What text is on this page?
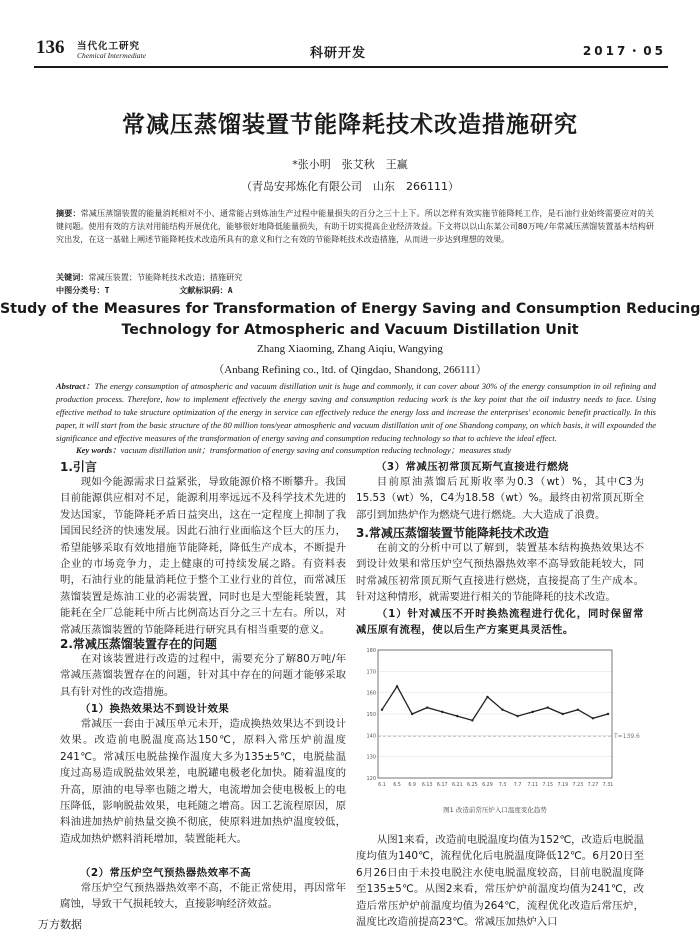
136 当代化工研究
Chemical Intermediate	科研开发	2017・05
常减压蒸馏装置节能降耗技术改造措施研究
*张小明　张艾秋　王赢
（青岛安邦炼化有限公司　山东　266111）
摘要：常减压蒸馏装置的能量消耗相对不小、通常能占到炼油生产过程中能量损失的百分之三十上下。所以怎样有效实施节能降耗工作，是石油行业始终需要应对的关键问题。使用有效的方法对用能结构开展优化，能够很好地降低能量损失，有助于切实提高企业经济效益。下文将以以山东某公司80万吨/年常减压蒸馏装置基本结构研究出发，在这一基础上阐述节能降耗技术改造所具有的意义和行之有效的节能降耗技术改造措施，从而进一步达到理想的效果。
关键词：常减压装置；节能降耗技术改造；措施研究
中图分类号：T	文献标识码：A
Study of the Measures for Transformation of Energy Saving and Consumption Reducing
Technology for Atmospheric and Vacuum Distillation Unit
Zhang Xiaoming, Zhang Aiqiu, Wangying
（Anbang Refining co., ltd. of Qingdao, Shandong, 266111）
Abstract：The energy consumption of atmospheric and vacuum distillation unit is huge and commonly, it can cover about 30% of the energy consumption in oil refining and production process. Therefore, how to implement effectively the energy saving and consumption reducing work is the key point that the oil industry needs to face. Using effective method to take structure optimization of the energy in service can effectively reduce the energy loss and increase the enterprises' economic benefit practically. In this paper, it will start from the basic structure of the 80 million tons/year atmospheric and vacuum distillation unit of one Shandong company, on which basis, it will expounded the significance and effective measures of the transformation of energy saving and consumption reducing technology so that to achieve the ideal effect.
Key words：vacuum distillation unit；transformation of energy saving and consumption reducing technology；measures study
1.引言
现如今能源需求日益紧张，导致能源价格不断攀升。我国目前能源供应相对不足，能源利用率远远不及科学技术先进的发达国家，节能降耗矛盾日益突出，这在一定程度上抑制了我国国民经济的快速发展。因此石油行业面临这个巨大的压力，希望能够采取有效地措施节能降耗，降低生产成本，不断提升企业的市场竞争力，走上健康的可持续发展之路。有资料表明，石油行业的能量消耗位于整个工业行业的首位，而常减压蒸馏装置是炼油工业的必需装置，同时也是大型能耗装置，其能耗在全厂总能耗中所占比例高达百分之三十左右。所以，对常减压蒸馏装置的节能降耗进行研究具有相当重要的意义。
2.常减压蒸馏装置存在的问题
在对该装置进行改造的过程中，需要充分了解80万吨/年常减压蒸馏装置存在的问题，针对其中存在的问题才能够采取具有针对性的改造措施。
（1）换热效果达不到设计效果
常减压一套由于减压单元未开，造成换热效果达不到设计效果。改造前电脱温度高达150℃，原料入常压炉前温度241℃。常减压电脱盐操作温度大多为135±5℃，电脱盐温度过高易造成脱盐效果差，电脱罐电极老化加快。随着温度的升高，原油的电导率也随之增大，电流增加会使电极板上的电压降低，影响脱盐效果，电耗随之增高。因工艺流程原因，原料油进加热炉前热量交换不彻底，使原料进加热炉温度较低，造成加热炉燃料消耗增加，装置能耗大。
（2）常压炉空气预热器热效率不高
常压炉空气预热器热效率不高，不能正常使用，再因常年腐蚀，导致干气损耗较大，直接影响经济效益。
（3）常减压初常顶瓦斯气直接进行燃烧
目前原油蒸馏后瓦斯收率为0.3（wt）%，其中C3为15.53（wt）%，C4为18.58（wt）%。最终由初常顶瓦斯全部引到加热炉作为燃烧气进行燃烧。大大造成了浪费。
3.常减压蒸馏装置节能降耗技术改造
在前文的分析中可以了解到，装置基本结构换热效果达不到设计效果和常压炉空气预热器热效率不高导致能耗较大，同时常减压初常顶瓦斯气直接进行燃烧，直接提高了生产成本。针对这种情形，就需要进行相关的节能降耗的技术改造。
（1）针对减压不开时换热流程进行优化，同时保留常减压原有流程，使以后生产方案更具灵活性。
120
130
140
150
160
170
180
6.1 6.5 6.9 6.13 6.17 6.21 6.25 6.29 7.3 7.7 7.11 7.15 7.19 7.23 7.27 7.31
T=139.6
图1 改造前常压炉入口温度变化趋势
从图1来看，改造前电脱温度均值为152℃，改造后电脱温度均值为140℃，流程优化后电脱温度降低12℃。6月20日至6月26日由于未投电脱注水使电脱温度较高，目前电脱温度降至135±5℃。从图2来看，常压炉炉前温度均值为241℃，改造后常压炉炉前温度均值为264℃，流程优化改造后常压炉，温度比改造前提高23℃。常减压加热炉入口
万方数据
